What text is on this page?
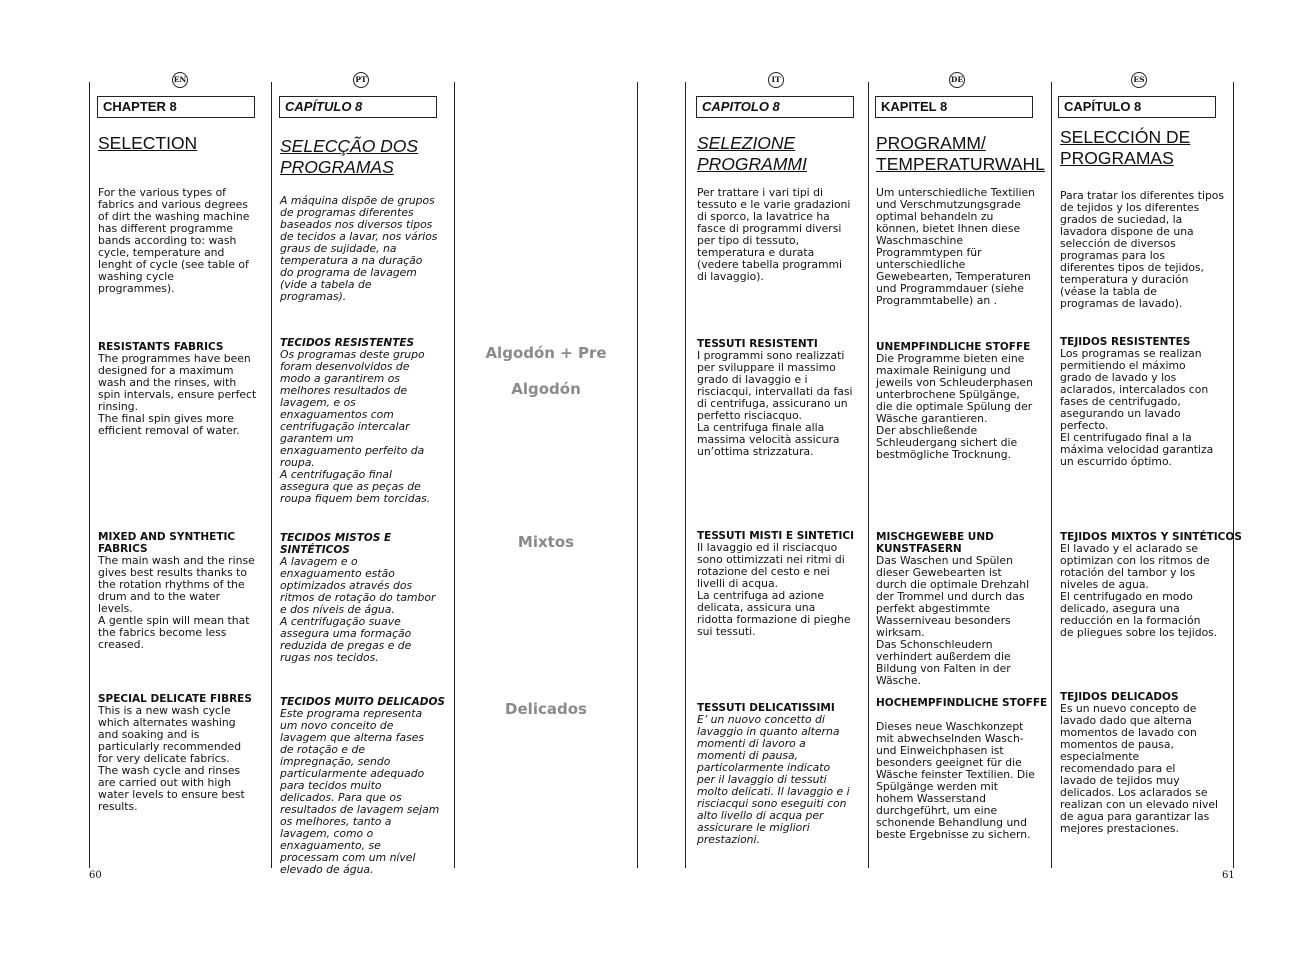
EN
CHAPTER 8
SELECTION

For the various types of
fabrics and various degrees
of dirt the washing machine
has different programme
bands according to: wash
cycle, temperature and
lenght of cycle (see table of
washing cycle
programmes).

RESISTANTS FABRICS

The programmes have been
designed for a maximum
wash and the rinses, with
spin intervals, ensure perfect
rinsing.
The final spin gives more
efficient removal of water.

MIXED AND SYNTHETIC
FABRICS

The main wash and the rinse
gives best results thanks to
the rotation rhythms of the
drum and to the water
levels.
A gentle spin will mean that
the fabrics become less
creased.

SPECIAL DELICATE FIBRES

This is a new wash cycle
which alternates washing
and soaking and is
particularly recommended
for very delicate fabrics.
The wash cycle and rinses
are carried out with high
water levels to ensure best
results.

60
PT
CAPÍTULO 8
SELECÇÃO DOS
PROGRAMAS

A máquina dispõe de grupos
de programas diferentes
baseados nos diversos tipos
de tecidos a lavar, nos vários
graus de sujidade, na
temperatura a na duração
do programa de lavagem
(vide a tabela de
programas).

TECIDOS RESISTENTES

Os programas deste grupo
foram desenvolvidos de
modo a garantirem os
melhores resultados de
lavagem, e os
enxaguamentos com
centrifugação intercalar
garantem um
enxaguamento perfeito da
roupa.
A centrifugação final
assegura que as peças de
roupa fiquem bem torcidas.

TECIDOS MISTOS E
SINTÉTICOS

A lavagem e o
enxaguamento estão
optimizados através dos
ritmos de rotação do tambor
e dos níveis de água.
A centrifugação suave
assegura uma formação
reduzida de pregas e de
rugas nos tecidos.

TECIDOS MUITO DELICADOS

Este programa representa
um novo conceito de
lavagem que alterna fases
de rotação e de
impregnação, sendo
particularmente adequado
para tecidos muito
delicados. Para que os
resultados de lavagem sejam
os melhores, tanto a
lavagem, como o
enxaguamento, se
processam com um nível
elevado de água.

Algodón + Pre
Algodón
Mixtos
Delicados
IT
CAPITOLO 8
SELEZIONE
PROGRAMMI

Per trattare i vari tipi di
tessuto e le varie gradazioni
di sporco, la lavatrice ha
fasce di programmi diversi
per tipo di tessuto,
temperatura e durata
(vedere tabella programmi
di lavaggio).

TESSUTI RESISTENTI

I programmi sono realizzati
per sviluppare il massimo
grado di lavaggio e i
risciacqui, intervallati da fasi
di centrifuga, assicurano un
perfetto risciacquo.
La centrifuga finale alla
massima velocità assicura
un’ottima strizzatura.

TESSUTI MISTI E SINTETICI

Il lavaggio ed il risciacquo
sono ottimizzati nei ritmi di
rotazione del cesto e nei
livelli di acqua.
La centrifuga ad azione
delicata, assicura una
ridotta formazione di pieghe
sui tessuti.

TESSUTI DELICATISSIMI

E’ un nuovo concetto di
lavaggio in quanto alterna
momenti di lavoro a
momenti di pausa,
particolarmente indicato
per il lavaggio di tessuti
molto delicati. Il lavaggio e i
risciacqui sono eseguiti con
alto livello di acqua per
assicurare le migliori
prestazioni.

DE
KAPITEL 8
PROGRAMM/
TEMPERATURWAHL

Um unterschiedliche Textilien
und Verschmutzungsgrade
optimal behandeln zu
können, bietet Ihnen diese
Waschmaschine
Programmtypen für
unterschiedliche
Gewebearten, Temperaturen
und Programmdauer (siehe
Programmtabelle) an .

UNEMPFINDLICHE STOFFE

Die Programme bieten eine
maximale Reinigung und
jeweils von Schleuderphasen
unterbrochene Spülgänge,
die die optimale Spülung der
Wäsche garantieren.
Der abschließende
Schleudergang sichert die
bestmögliche Trocknung.

MISCHGEWEBE UND
KUNSTFASERN

Das Waschen und Spülen
dieser Gewebearten ist
durch die optimale Drehzahl
der Trommel und durch das
perfekt abgestimmte
Wasserniveau besonders
wirksam.
Das Schonschleudern
verhindert außerdem die
Bildung von Falten in der
Wäsche.

HOCHEMPFINDLICHE STOFFE

Dieses neue Waschkonzept
mit abwechselnden Wasch-
und Einweichphasen ist
besonders geeignet für die
Wäsche feinster Textilien. Die
Spülgänge werden mit
hohem Wasserstand
durchgeführt, um eine
schonende Behandlung und
beste Ergebnisse zu sichern.

ES
CAPÍTULO 8
SELECCIÓN DE
PROGRAMAS

Para tratar los diferentes tipos
de tejidos y los diferentes
grados de suciedad, la
lavadora dispone de una
selección de diversos
programas para los
diferentes tipos de tejidos,
temperatura y duración
(véase la tabla de
programas de lavado).

TEJIDOS RESISTENTES

Los programas se realizan
permitiendo el máximo
grado de lavado y los
aclarados, intercalados con
fases de centrifugado,
asegurando un lavado
perfecto.
El centrifugado final a la
máxima velocidad garantiza
un escurrido óptimo.

TEJIDOS MIXTOS Y SINTÉTICOS

El lavado y el aclarado se
optimizan con los ritmos de
rotación del tambor y los
niveles de agua.
El centrifugado en modo
delicado, asegura una
reducción en la formación
de pliegues sobre los tejidos.

TEJIDOS DELICADOS

Es un nuevo concepto de
lavado dado que alterna
momentos de lavado con
momentos de pausa,
especialmente
recomendado para el
lavado de tejidos muy
delicados. Los aclarados se
realizan con un elevado nivel
de agua para garantizar las
mejores prestaciones.

61
